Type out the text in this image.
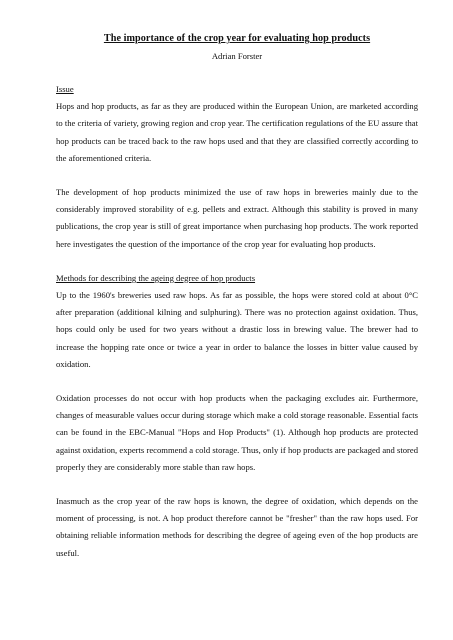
The importance of the crop year for evaluating hop products
Adrian Forster
Issue

Hops and hop products, as far as they are produced within the European Union, are marketed according to the criteria of variety, growing region and crop year. The certification regulations of the EU assure that hop products can be traced back to the raw hops used and that they are classified correctly according to the aforementioned criteria.

The development of hop products minimized the use of raw hops in breweries mainly due to the considerably improved storability of e.g. pellets and extract. Although this stability is proved in many publications, the crop year is still of great importance when purchasing hop products. The work reported here investigates the question of the importance of the crop year for evaluating hop products.

Methods for describing the ageing degree of hop products

Up to the 1960's breweries used raw hops. As far as possible, the hops were stored cold at about 0°C after preparation (additional kilning and sulphuring). There was no protection against oxidation. Thus, hops could only be used for two years without a drastic loss in brewing value. The brewer had to increase the hopping rate once or twice a year in order to balance the losses in bitter value caused by oxidation.

Oxidation processes do not occur with hop products when the packaging excludes air. Furthermore, changes of measurable values occur during storage which make a cold storage reasonable. Essential facts can be found in the EBC-Manual "Hops and Hop Products" (1). Although hop products are protected against oxidation, experts recommend a cold storage. Thus, only if hop products are packaged and stored properly they are considerably more stable than raw hops.

Inasmuch as the crop year of the raw hops is known, the degree of oxidation, which depends on the moment of processing, is not. A hop product therefore cannot be "fresher" than the raw hops used. For obtaining reliable information methods for describing the degree of ageing even of the hop products are useful.
